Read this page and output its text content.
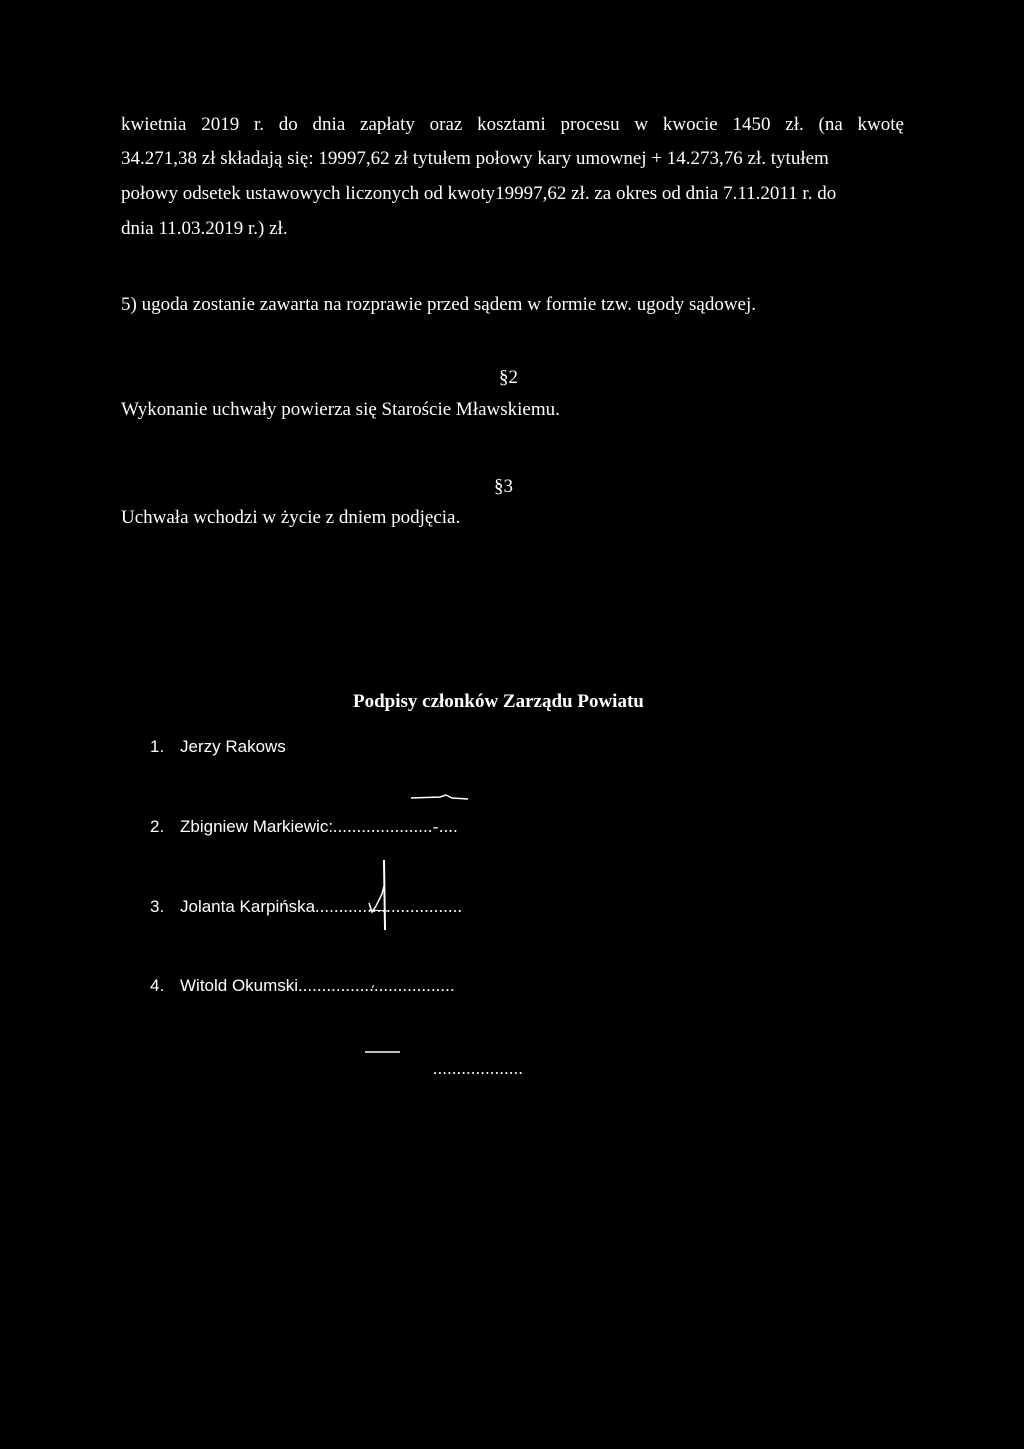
kwietnia 2019 r. do dnia zapłaty oraz kosztami procesu w kwocie 1450 zł. (na kwotę
34.271,38 zł składają się: 19997,62 zł tytułem połowy kary umownej + 14.273,76 zł. tytułem
połowy odsetek ustawowych liczonych od kwoty19997,62 zł. za okres od dnia 7.11.2011 r. do
dnia 11.03.2019 r.) zł.
5) ugoda zostanie zawarta na rozprawie przed sądem w formie tzw. ugody sądowej.
§2
Wykonanie uchwały powierza się Staroście Mławskiemu.
§3
Uchwała wchodzi w życie z dniem podjęcia.
Podpisy członków Zarządu Powiatu
1. Jerzy Rakows
2. Zbigniew Markiewic:.....................-....
3. Jolanta Karpińska...............................
4. Witold Okumski.................................
...................
